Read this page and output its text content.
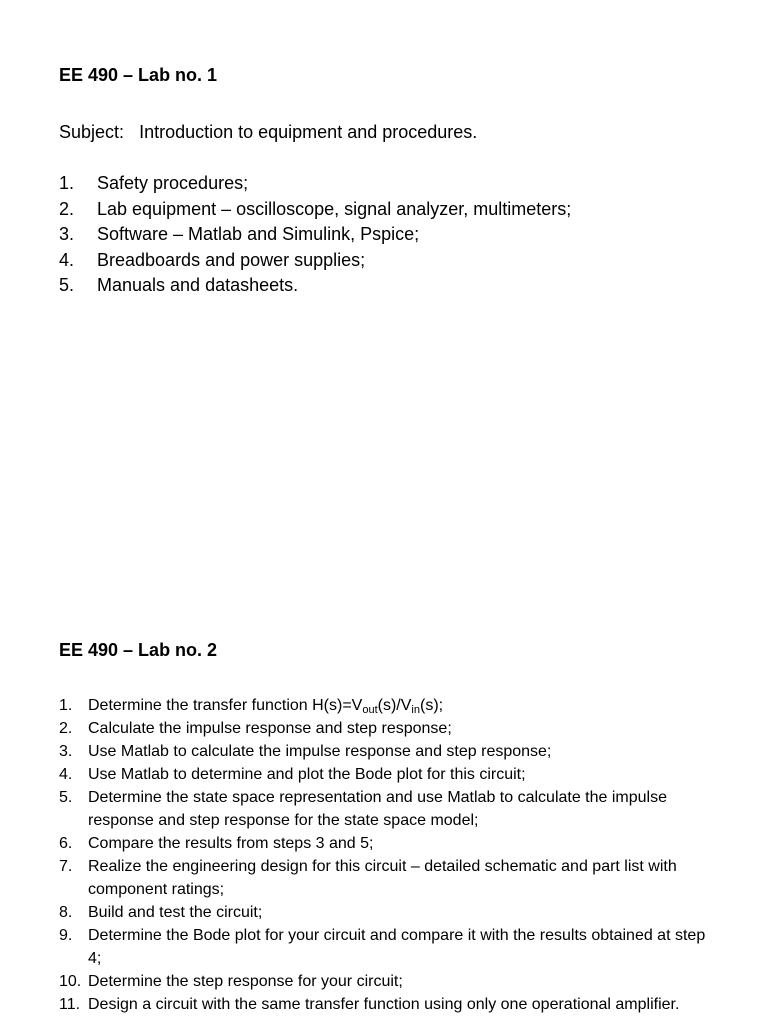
EE 490 – Lab no. 1

Subject: Introduction to equipment and procedures.

1. Safety procedures;
2. Lab equipment – oscilloscope, signal analyzer, multimeters;
3. Software – Matlab and Simulink, Pspice;
4. Breadboards and power supplies;
5. Manuals and datasheets.
EE 490 – Lab no. 2
1. Determine the transfer function $H(s)=V_{out}(s)/V_{in}(s)$;
2. Calculate the impulse response and step response;
3. Use Matlab to calculate the impulse response and step response;
4. Use Matlab to determine and plot the Bode plot for this circuit;
5. Determine the state space representation and use Matlab to calculate the impulse response and step response for the state space model;
6. Compare the results from steps 3 and 5;
7. Realize the engineering design for this circuit – detailed schematic and part list with component ratings;
8. Build and test the circuit;
9. Determine the Bode plot for your circuit and compare it with the results obtained at step 4;
10. Determine the step response for your circuit;
11. Design a circuit with the same transfer function using only one operational amplifier.
